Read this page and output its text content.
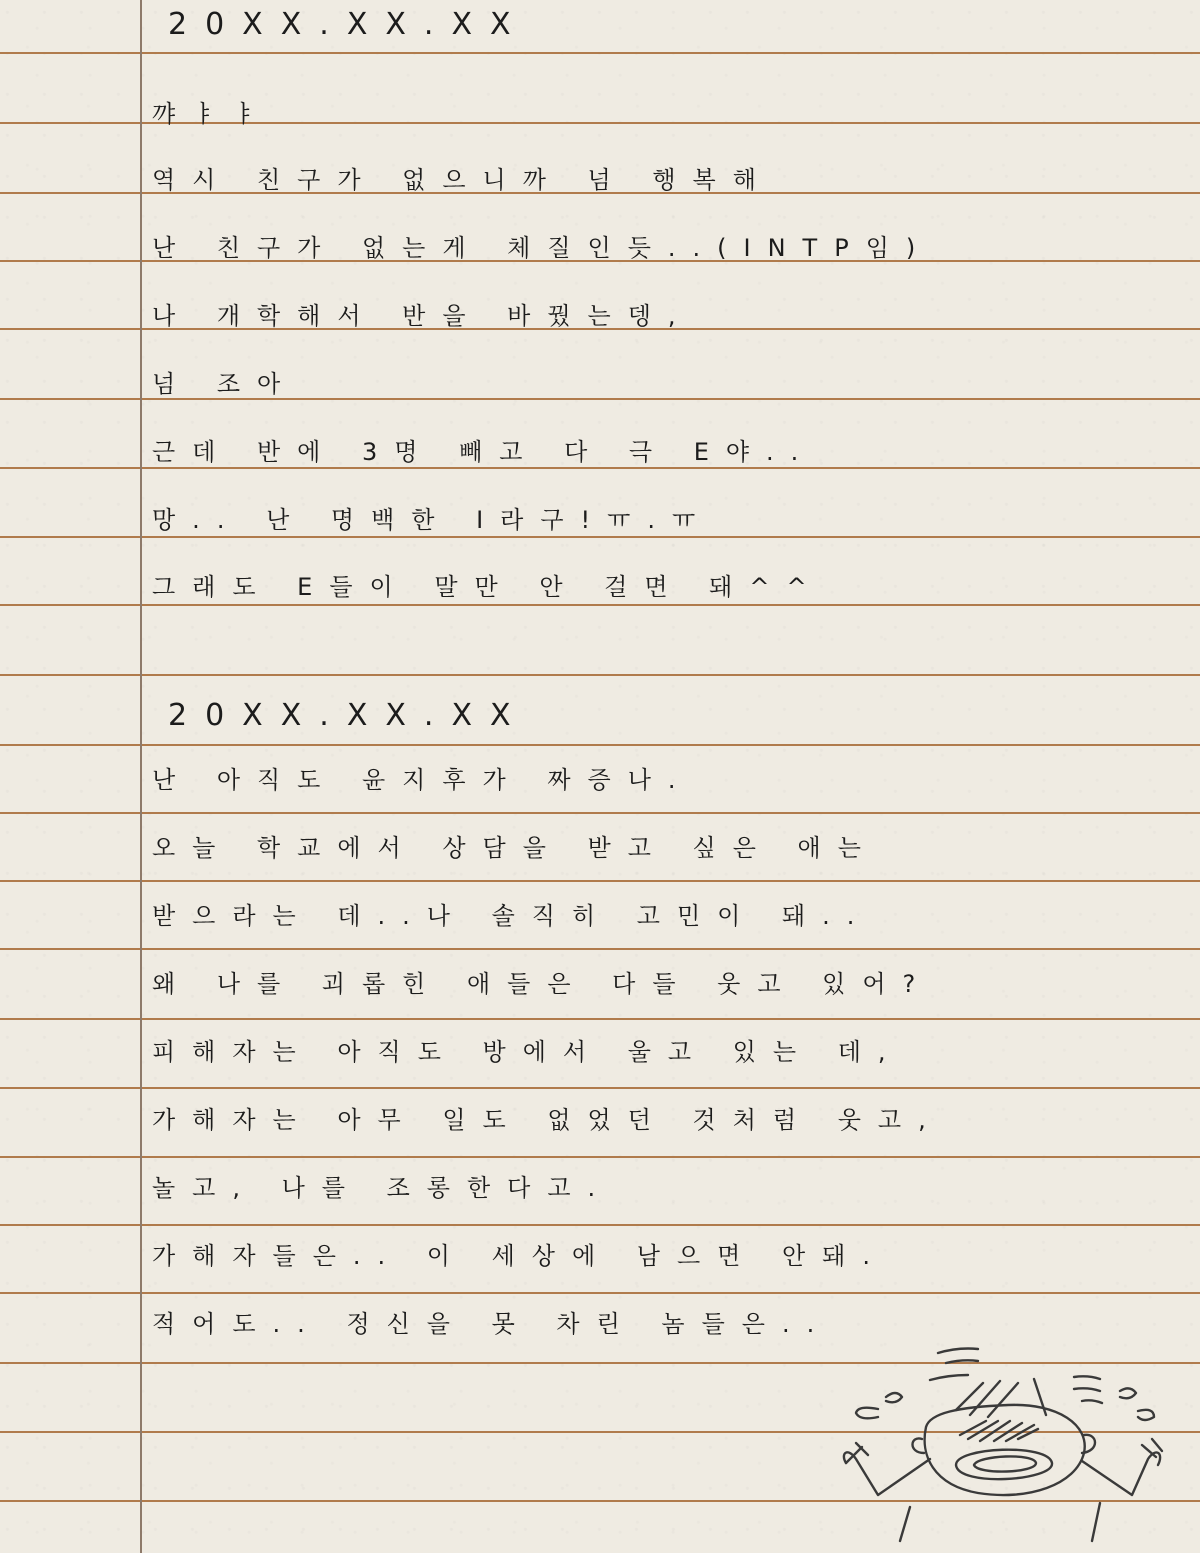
20XX.XX.XX
꺄ㅑㅑ
역시 친구가 없으니까 넘 행복해
난 친구가 없는게 체질인듯..(INTP임)
나 개학해서 반을 바꿨는뎅,
넘 조아
근데 반에 3명 빼고 다 극 E야..
망.. 난 명백한 I라구!ㅠ.ㅠ
그래도 E들이 말만 안 걸면 돼^^
20XX.XX.XX
난 아직도 윤지후가 짜증나.
오늘 학교에서 상담을 받고 싶은 애는
받으라는 데..나 솔직히 고민이 돼..
왜 나를 괴롭힌 애들은 다들 웃고 있어?
피해자는 아직도 방에서 울고 있는 데,
가해자는 아무 일도 없었던 것처럼 웃고,
놀고, 나를 조롱한다고.
가해자들은.. 이 세상에 남으면 안돼.
적어도.. 정신을 못 차린 놈들은..
